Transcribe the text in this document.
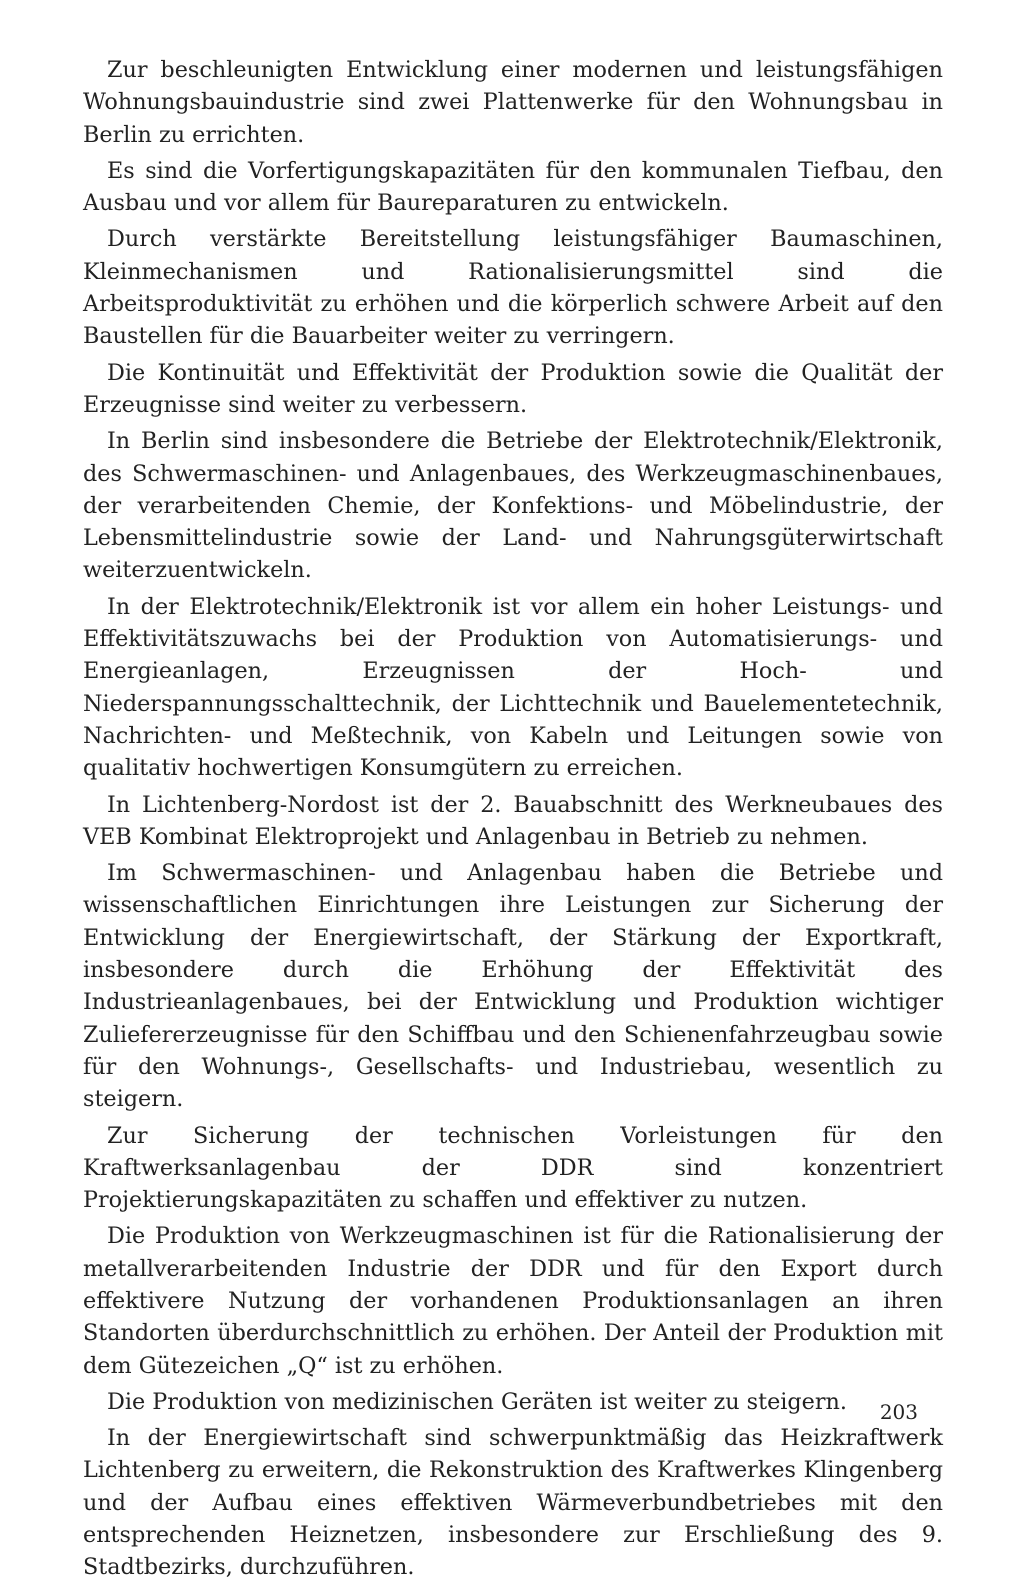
Zur beschleunigten Entwicklung einer modernen und leistungsfähigen Wohnungsbauindustrie sind zwei Plattenwerke für den Wohnungsbau in Berlin zu errichten.

Es sind die Vorfertigungskapazitäten für den kommunalen Tiefbau, den Ausbau und vor allem für Baureparaturen zu entwickeln.

Durch verstärkte Bereitstellung leistungsfähiger Baumaschinen, Kleinmechanismen und Rationalisierungsmittel sind die Arbeitsproduktivität zu erhöhen und die körperlich schwere Arbeit auf den Baustellen für die Bauarbeiter weiter zu verringern.

Die Kontinuität und Effektivität der Produktion sowie die Qualität der Erzeugnisse sind weiter zu verbessern.

In Berlin sind insbesondere die Betriebe der Elektrotechnik/Elektronik, des Schwermaschinen- und Anlagenbaues, des Werkzeugmaschinenbaues, der verarbeitenden Chemie, der Konfektions- und Möbelindustrie, der Lebensmittelindustrie sowie der Land- und Nahrungsgüterwirtschaft weiterzuentwickeln.

In der Elektrotechnik/Elektronik ist vor allem ein hoher Leistungs- und Effektivitätszuwachs bei der Produktion von Automatisierungs- und Energieanlagen, Erzeugnissen der Hoch- und Niederspannungsschalttechnik, der Lichttechnik und Bauelementetechnik, Nachrichten- und Meßtechnik, von Kabeln und Leitungen sowie von qualitativ hochwertigen Konsumgütern zu erreichen.

In Lichtenberg-Nordost ist der 2. Bauabschnitt des Werkneubaues des VEB Kombinat Elektroprojekt und Anlagenbau in Betrieb zu nehmen.

Im Schwermaschinen- und Anlagenbau haben die Betriebe und wissenschaftlichen Einrichtungen ihre Leistungen zur Sicherung der Entwicklung der Energiewirtschaft, der Stärkung der Exportkraft, insbesondere durch die Erhöhung der Effektivität des Industrieanlagenbaues, bei der Entwicklung und Produktion wichtiger Zuliefererzeugnisse für den Schiffbau und den Schienenfahrzeugbau sowie für den Wohnungs-, Gesellschafts- und Industriebau, wesentlich zu steigern.

Zur Sicherung der technischen Vorleistungen für den Kraftwerksanlagenbau der DDR sind konzentriert Projektierungskapazitäten zu schaffen und effektiver zu nutzen.

Die Produktion von Werkzeugmaschinen ist für die Rationalisierung der metallverarbeitenden Industrie der DDR und für den Export durch effektivere Nutzung der vorhandenen Produktionsanlagen an ihren Standorten überdurchschnittlich zu erhöhen. Der Anteil der Produktion mit dem Gütezeichen „Q“ ist zu erhöhen.

Die Produktion von medizinischen Geräten ist weiter zu steigern.

In der Energiewirtschaft sind schwerpunktmäßig das Heizkraftwerk Lichtenberg zu erweitern, die Rekonstruktion des Kraftwerkes Klingenberg und der Aufbau eines effektiven Wärmeverbundbetriebes mit den entsprechenden Heiznetzen, insbesondere zur Erschließung des 9. Stadtbezirks, durchzuführen.

203
